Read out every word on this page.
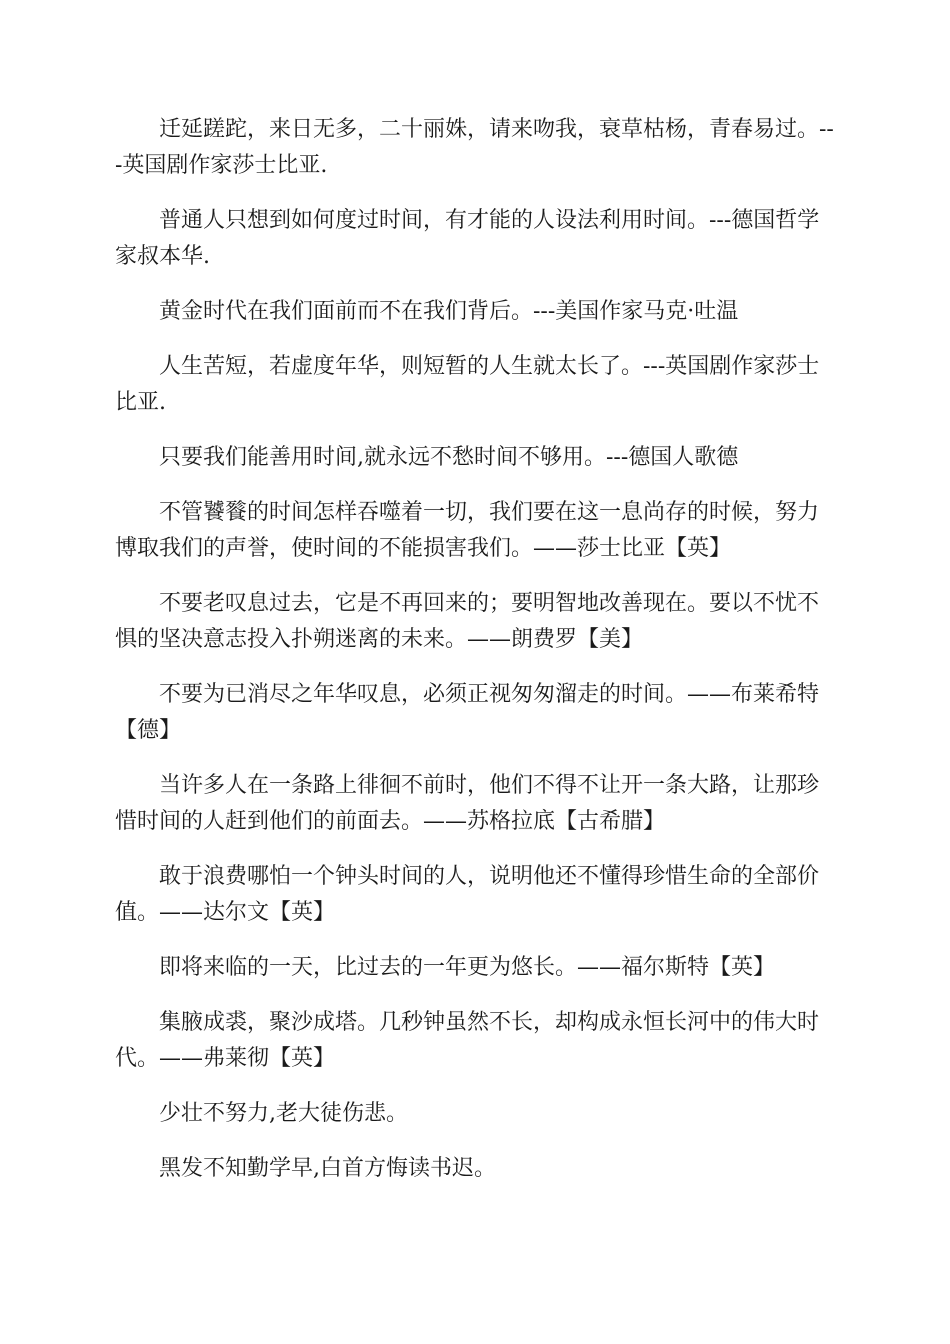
迁延蹉跎，来日无多，二十丽姝，请来吻我，衰草枯杨，青春易过。---英国剧作家莎士比亚.

普通人只想到如何度过时间，有才能的人设法利用时间。---德国哲学家叔本华.

黄金时代在我们面前而不在我们背后。---美国作家马克·吐温

人生苦短，若虚度年华，则短暂的人生就太长了。---英国剧作家莎士比亚.

只要我们能善用时间,就永远不愁时间不够用。---德国人歌德

不管饕餮的时间怎样吞噬着一切，我们要在这一息尚存的时候，努力博取我们的声誉，使时间的不能损害我们。——莎士比亚【英】

不要老叹息过去，它是不再回来的；要明智地改善现在。要以不忧不惧的坚决意志投入扑朔迷离的未来。——朗费罗【美】

不要为已消尽之年华叹息，必须正视匆匆溜走的时间。——布莱希特【德】

当许多人在一条路上徘徊不前时，他们不得不让开一条大路，让那珍惜时间的人赶到他们的前面去。——苏格拉底【古希腊】

敢于浪费哪怕一个钟头时间的人，说明他还不懂得珍惜生命的全部价值。——达尔文【英】

即将来临的一天，比过去的一年更为悠长。——福尔斯特【英】

集腋成裘，聚沙成塔。几秒钟虽然不长，却构成永恒长河中的伟大时代。——弗莱彻【英】

少壮不努力,老大徒伤悲。

黑发不知勤学早,白首方悔读书迟。
